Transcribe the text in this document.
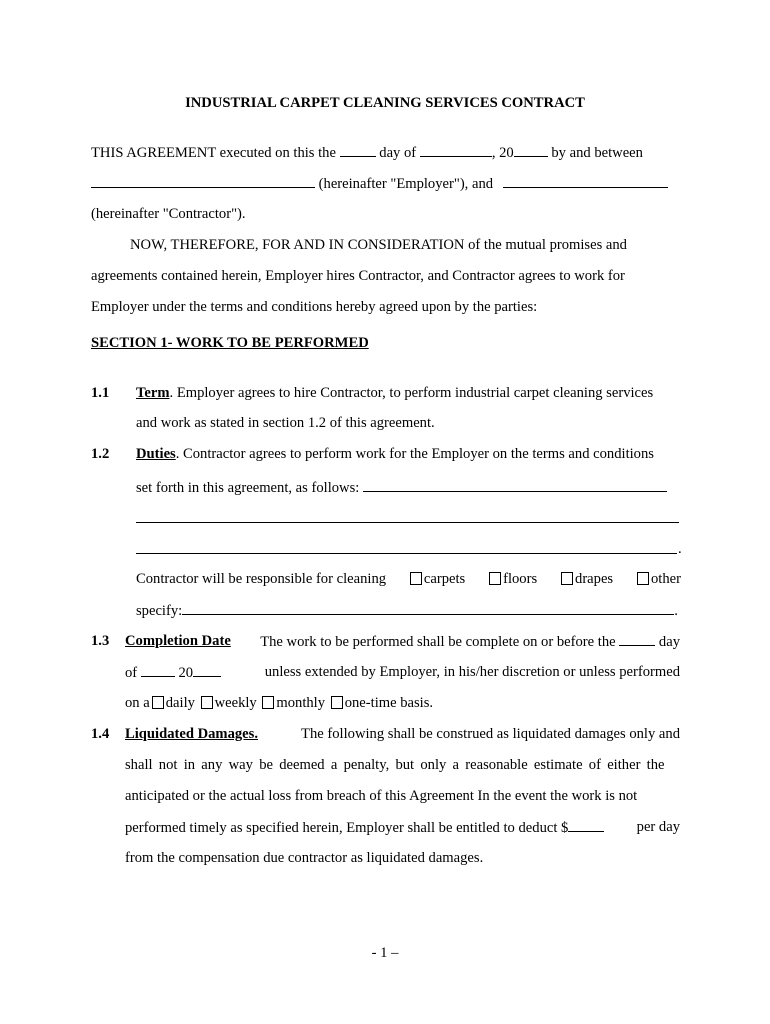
INDUSTRIAL CARPET CLEANING SERVICES CONTRACT
THIS AGREEMENT executed on this the	day of	, 20	by and between
(hereinafter "Employer"), and
(hereinafter "Contractor").
NOW, THEREFORE, FOR AND IN CONSIDERATION of the mutual promises and
agreements contained herein, Employer hires Contractor, and Contractor agrees to work for
Employer under the terms and conditions hereby agreed upon by the parties:
SECTION 1- WORK TO BE PERFORMED
1.1 Term. Employer agrees to hire Contractor, to perform industrial carpet cleaning services
and work as stated in section 1.2 of this agreement.
1.2 Duties. Contractor agrees to perform work for the Employer on the terms and conditions
set forth in this agreement, as follows:
.
Contractor will be responsible for cleaning	carpets	floors	drapes	other
specify:	.
1.3 Completion Date The work to be performed shall be complete on or before the	day
of	20	unless extended by Employer, in his/her discretion or unless performed
on a daily weekly monthly one-time basis.
1.4 Liquidated Damages.	The following shall be construed as liquidated damages only and
shall not in any way be deemed a penalty, but only a reasonable estimate of either the
anticipated or the actual loss from breach of this Agreement In the event the work is not
performed timely as specified herein, Employer shall be entitled to deduct $	per day
from the compensation due contractor as liquidated damages.
- 1 –
